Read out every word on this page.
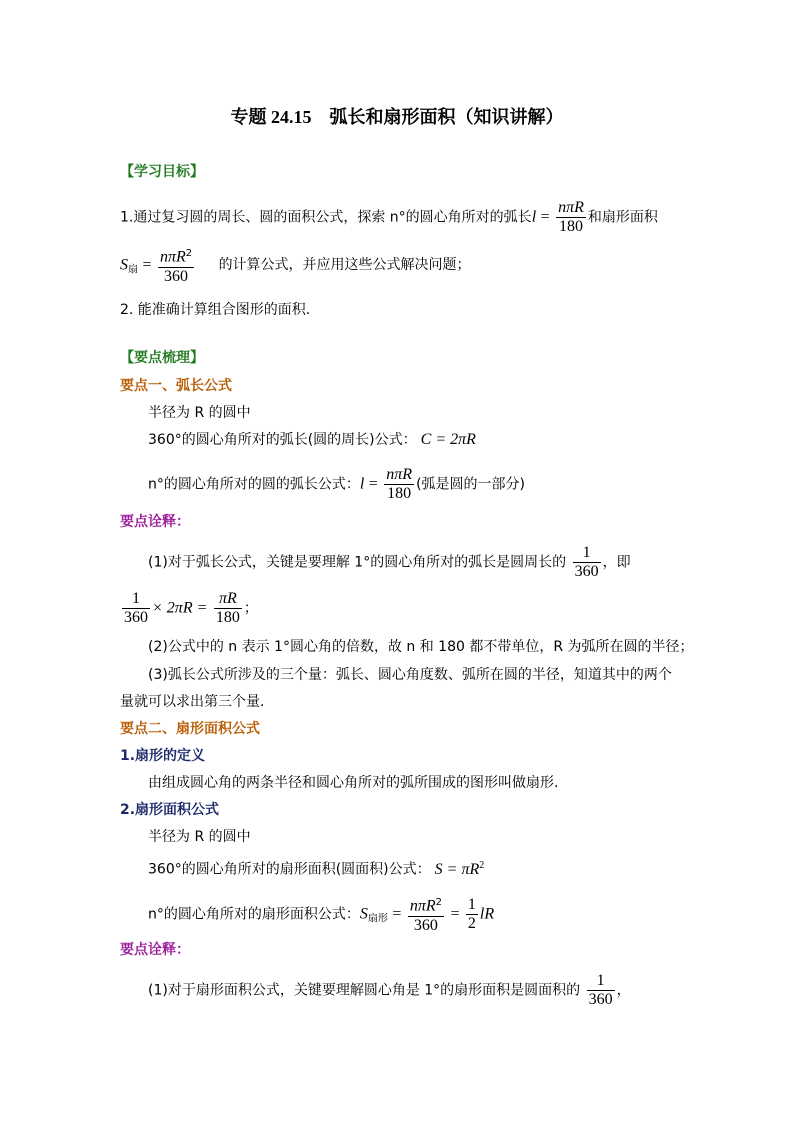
专题 24.15　弧长和扇形面积（知识讲解）
【学习目标】
1.通过复习圆的周长、圆的面积公式，探索 n°的圆心角所对的弧长$l = \frac{\text{nπR}}{180}$ 和扇形面积
$S_扇 = \frac{n\pi R^2}{360}$ 的计算公式，并应用这些公式解决问题；
2. 能准确计算组合图形的面积.
【要点梳理】
要点一、弧长公式
半径为 R 的圆中
360°的圆心角所对的弧长(圆的周长)公式： C = 2πR
n°的圆心角所对的圆的弧长公式：$l = \frac{\text{nπR}}{180}$ (弧是圆的一部分)
要点诠释：
(1)对于弧长公式，关键是要理解 1°的圆心角所对的弧长是圆周长的 $\frac{1}{360}$ ，即
$\frac{1}{360} \times 2\pi R = \frac{\pi R}{180}$ ；
(2)公式中的 n 表示 1°圆心角的倍数，故 n 和 180 都不带单位，R 为弧所在圆的半径；
(3)弧长公式所涉及的三个量：弧长、圆心角度数、弧所在圆的半径，知道其中的两个
量就可以求出第三个量.
要点二、扇形面积公式
1.扇形的定义
由组成圆心角的两条半径和圆心角所对的弧所围成的图形叫做扇形.
2.扇形面积公式
半径为 R 的圆中
360°的圆心角所对的扇形面积(圆面积)公式： $S = \pi R^2$
n°的圆心角所对的扇形面积公式：$S_{扇形} = \frac{n\pi R^2}{360} = \frac{1}{2}$ lR
要点诠释：
(1)对于扇形面积公式，关键要理解圆心角是 1°的扇形面积是圆面积的 $\frac{1}{360}$ ，
